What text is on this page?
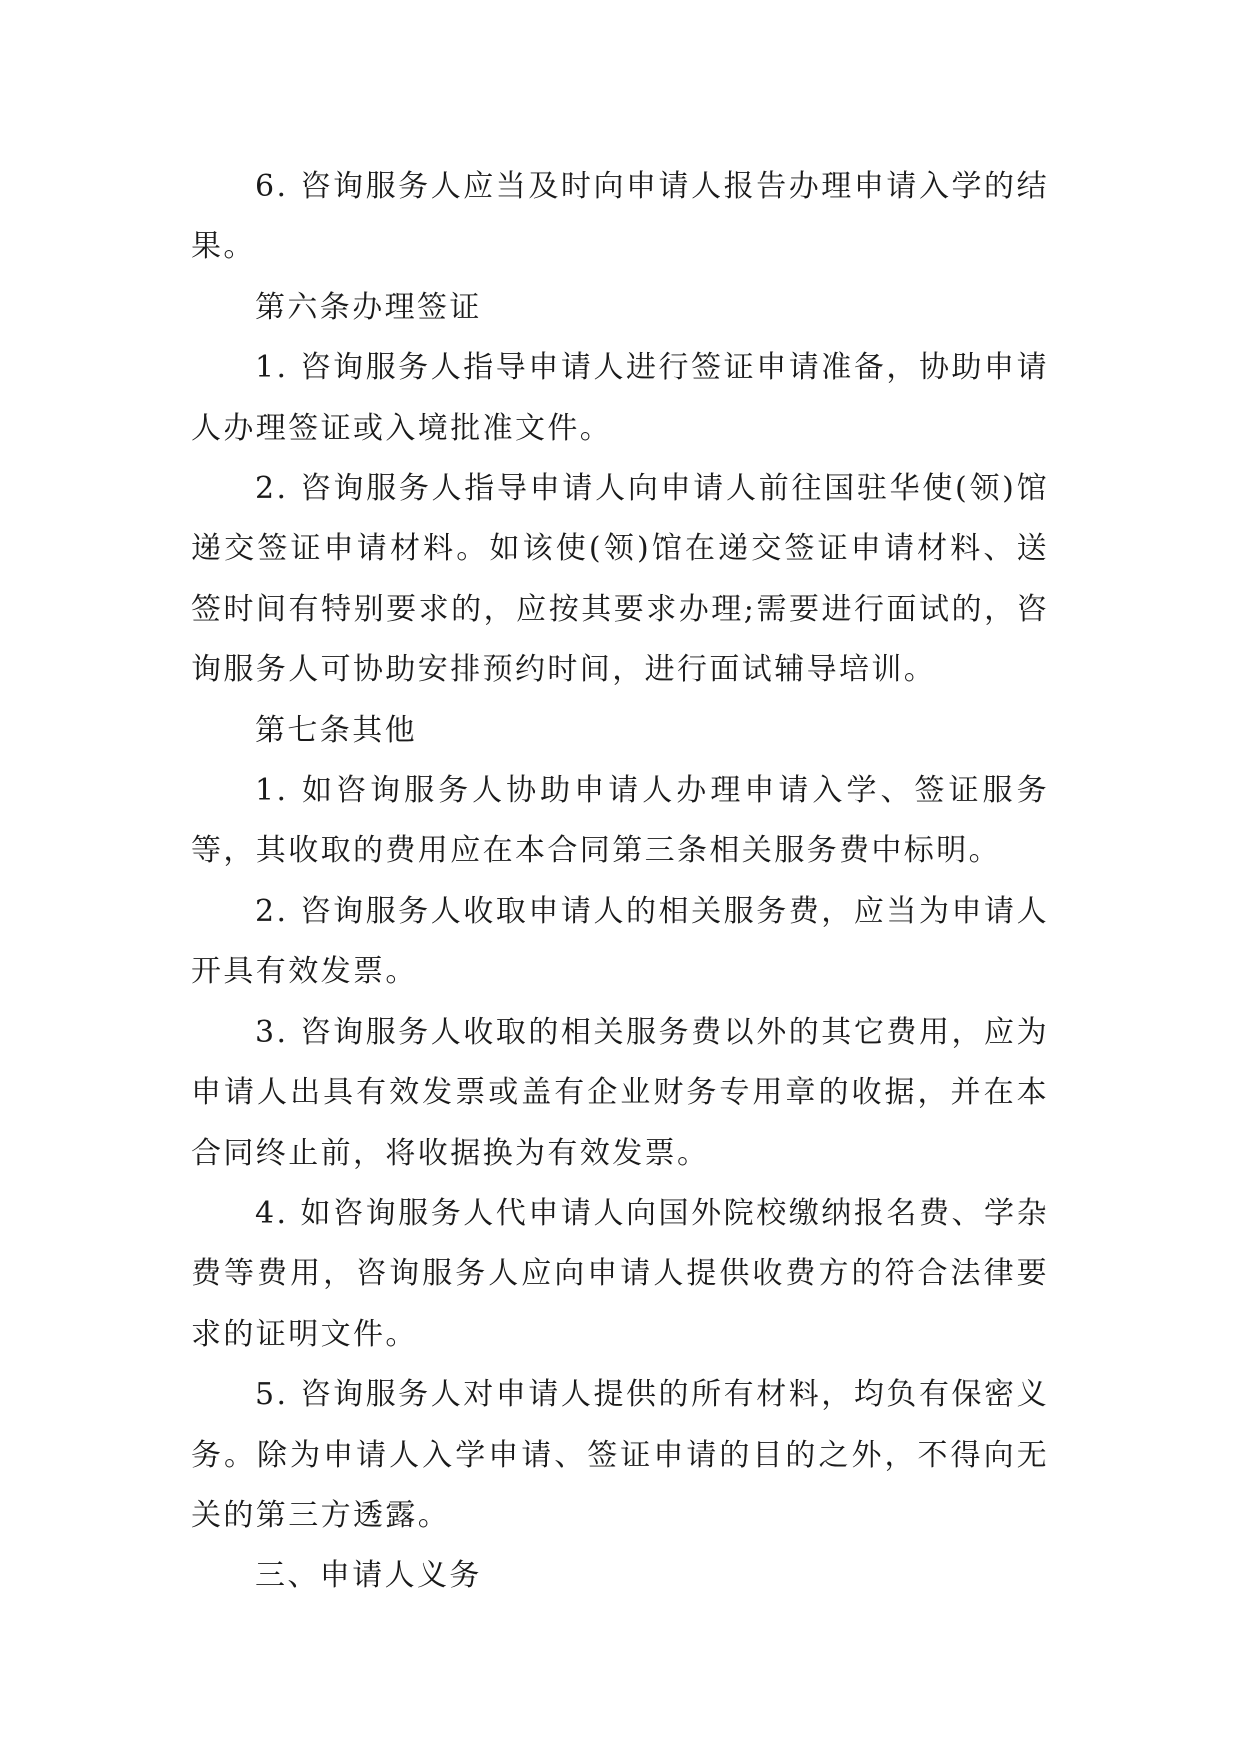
6. 咨询服务人应当及时向申请人报告办理申请入学的结果。

第六条办理签证

1. 咨询服务人指导申请人进行签证申请准备，协助申请人办理签证或入境批准文件。

2. 咨询服务人指导申请人向申请人前往国驻华使(领)馆递交签证申请材料。如该使(领)馆在递交签证申请材料、送签时间有特别要求的，应按其要求办理;需要进行面试的，咨询服务人可协助安排预约时间，进行面试辅导培训。

第七条其他

1. 如咨询服务人协助申请人办理申请入学、签证服务等，其收取的费用应在本合同第三条相关服务费中标明。

2. 咨询服务人收取申请人的相关服务费，应当为申请人开具有效发票。

3. 咨询服务人收取的相关服务费以外的其它费用，应为申请人出具有效发票或盖有企业财务专用章的收据，并在本合同终止前，将收据换为有效发票。

4. 如咨询服务人代申请人向国外院校缴纳报名费、学杂费等费用，咨询服务人应向申请人提供收费方的符合法律要求的证明文件。

5. 咨询服务人对申请人提供的所有材料，均负有保密义务。除为申请人入学申请、签证申请的目的之外，不得向无关的第三方透露。

三、申请人义务
